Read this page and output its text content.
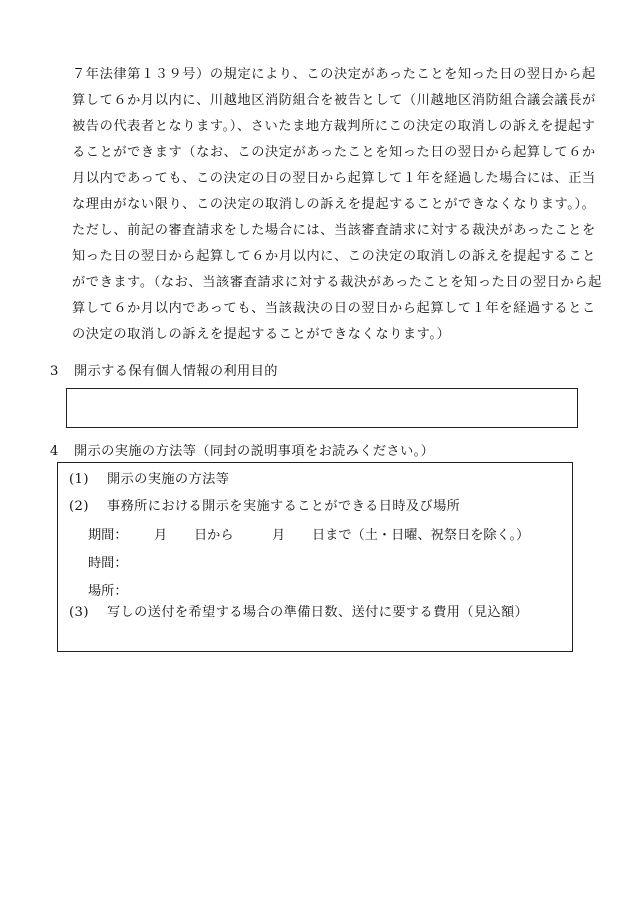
７年法律第１３９号）の規定により、この決定があったことを知った日の翌日から起
算して６か月以内に、川越地区消防組合を被告として（川越地区消防組合議会議長が
被告の代表者となります。）、さいたま地方裁判所にこの決定の取消しの訴えを提起す
ることができます（なお、この決定があったことを知った日の翌日から起算して６か
月以内であっても、この決定の日の翌日から起算して１年を経過した場合には、正当
な理由がない限り、この決定の取消しの訴えを提起することができなくなります。）。
ただし、前記の審査請求をした場合には、当該審査請求に対する裁決があったことを
知った日の翌日から起算して６か月以内に、この決定の取消しの訴えを提起すること
ができます。（なお、当該審査請求に対する裁決があったことを知った日の翌日から起
算して６か月以内であっても、当該裁決の日の翌日から起算して１年を経過するとこ
の決定の取消しの訴えを提起することができなくなります。）
3 開示する保有個人情報の利用目的
4 開示の実施の方法等（同封の説明事項をお読みください。）
(1) 開示の実施の方法等
(2) 事務所における開示を実施することができる日時及び場所
期間： 月 日から	月 日まで（土・日曜、祝祭日を除く。）
時間：
場所：
(3) 写しの送付を希望する場合の準備日数、送付に要する費用（見込額）
